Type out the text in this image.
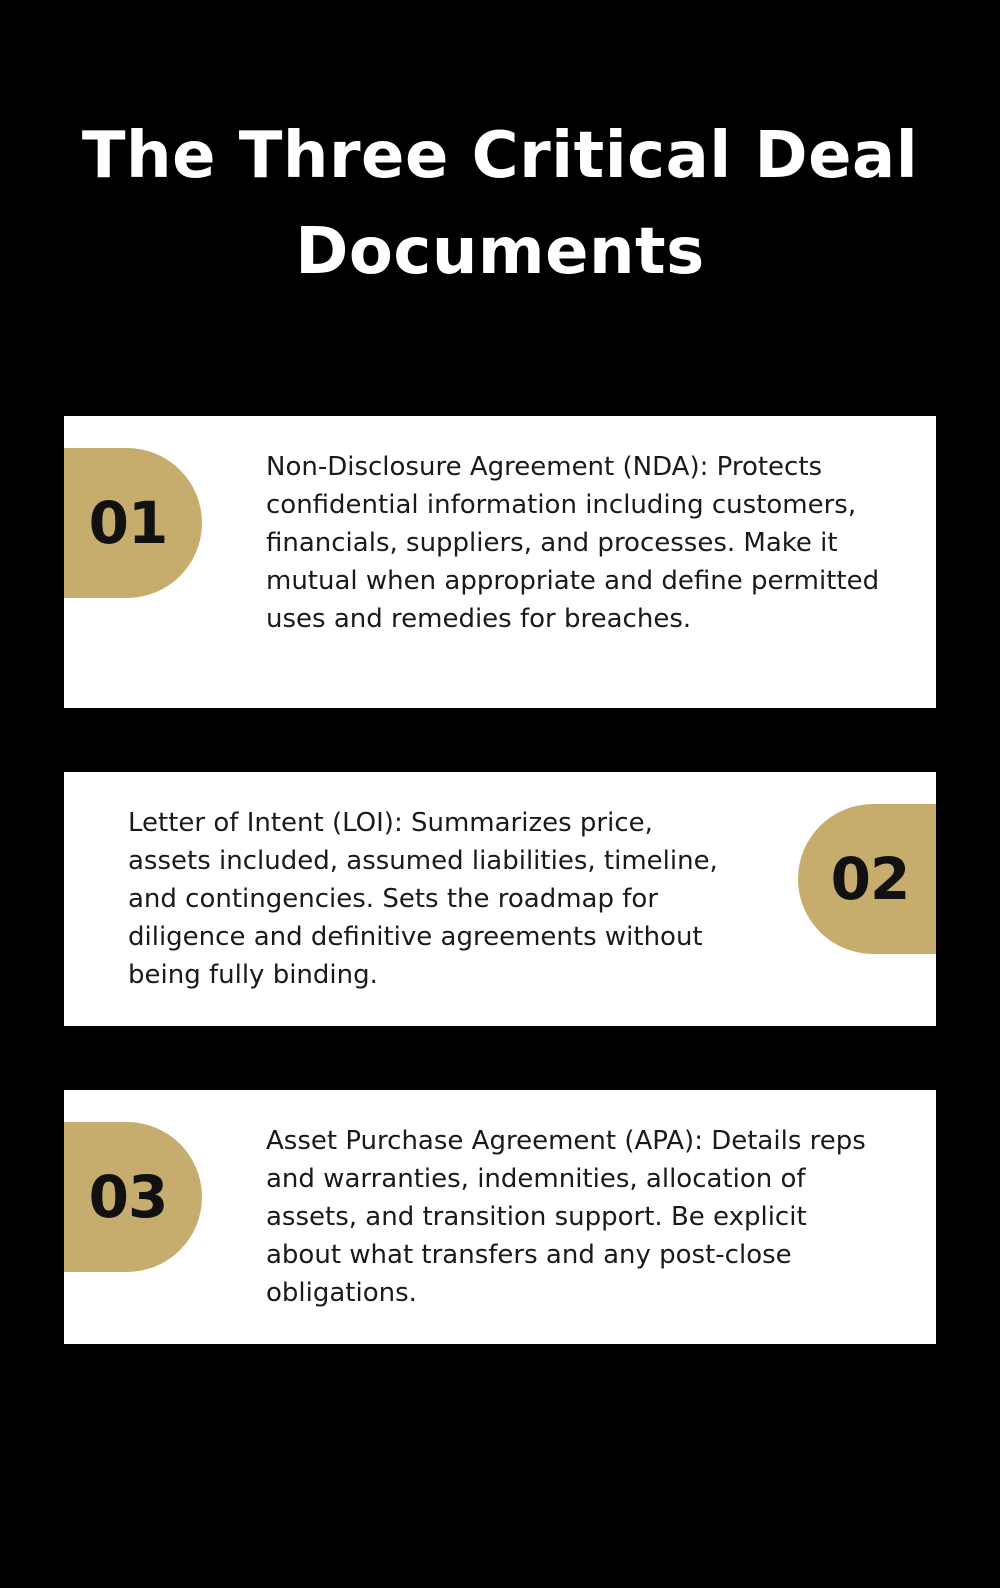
The Three Critical Deal Documents
01

Non-Disclosure Agreement (NDA): Protects confidential information including customers, financials, suppliers, and processes. Make it mutual when appropriate and define permitted uses and remedies for breaches.

Letter of Intent (LOI): Summarizes price, assets included, assumed liabilities, timeline, and contingencies. Sets the roadmap for diligence and definitive agreements without being fully binding.

02
03

Asset Purchase Agreement (APA): Details reps and warranties, indemnities, allocation of assets, and transition support. Be explicit about what transfers and any post-close obligations.
